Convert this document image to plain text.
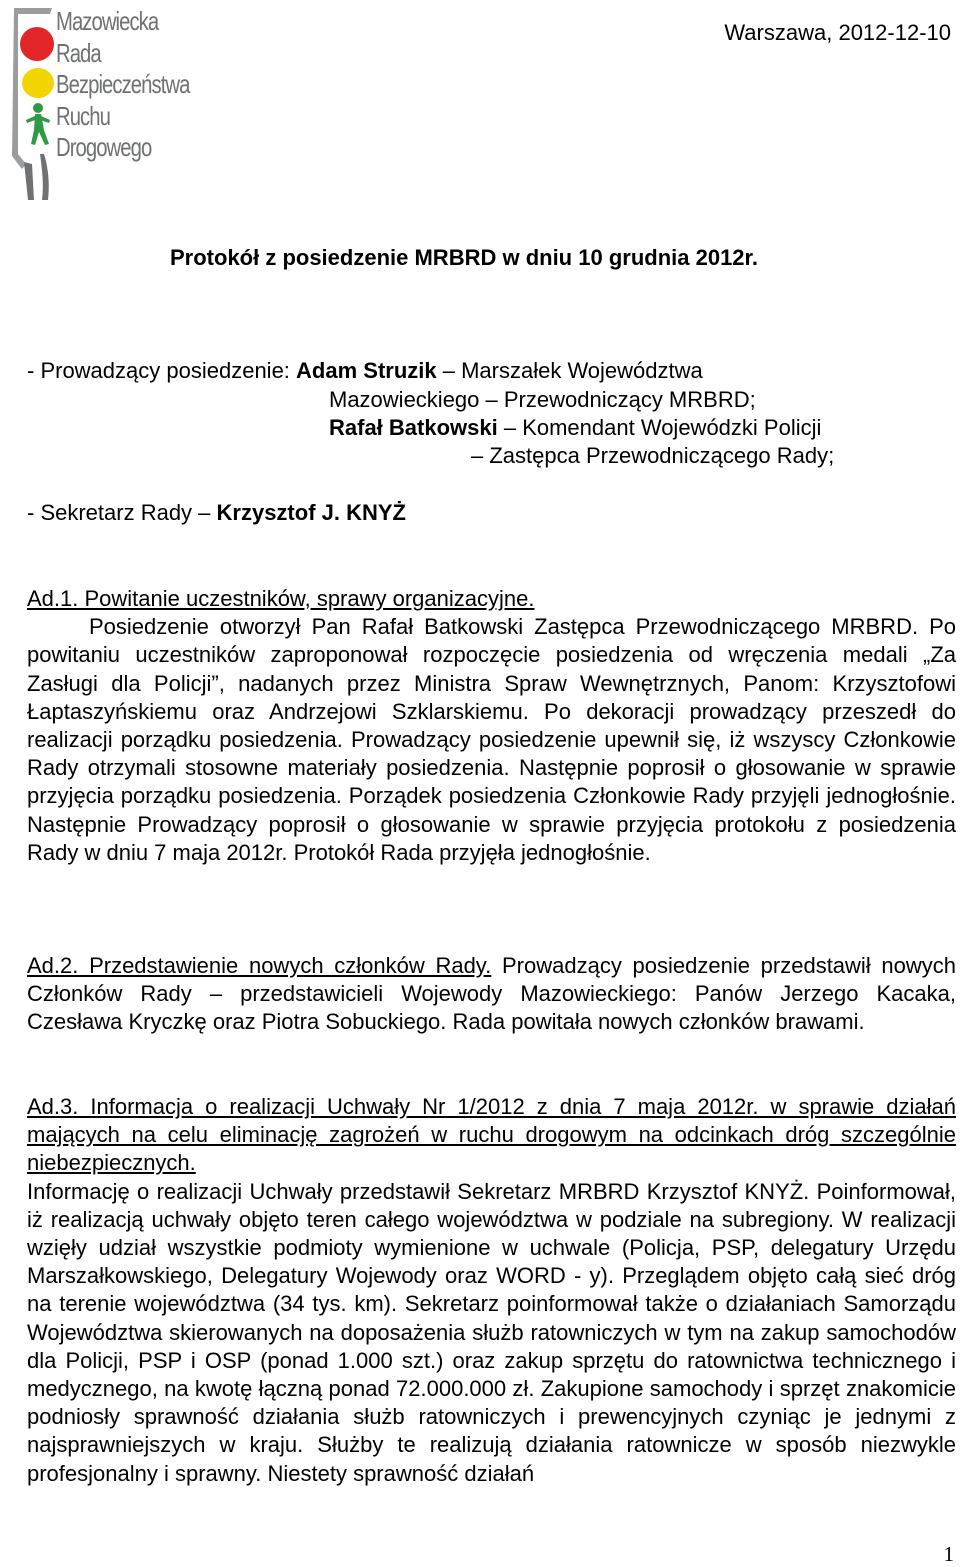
Mazowiecka
Rada
Bezpieczeństwa
Ruchu
Drogowego
Warszawa, 2012-12-10
Protokół z posiedzenie MRBRD w dniu 10 grudnia 2012r.
- Prowadzący posiedzenie: Adam Struzik – Marszałek Województwa
Mazowieckiego – Przewodniczący MRBRD;
Rafał Batkowski – Komendant Wojewódzki Policji
– Zastępca Przewodniczącego Rady;
- Sekretarz Rady – Krzysztof J. KNYŻ

Ad.1. Powitanie uczestników, sprawy organizacyjne.

Posiedzenie otworzył Pan Rafał Batkowski Zastępca Przewodniczącego MRBRD. Po powitaniu uczestników zaproponował rozpoczęcie posiedzenia od wręczenia medali „Za Zasługi dla Policji”, nadanych przez Ministra Spraw Wewnętrznych, Panom: Krzysztofowi Łaptaszyńskiemu oraz Andrzejowi Szklarskiemu. Po dekoracji prowadzący przeszedł do realizacji porządku posiedzenia. Prowadzący posiedzenie upewnił się, iż wszyscy Członkowie Rady otrzymali stosowne materiały posiedzenia. Następnie poprosił o głosowanie w sprawie przyjęcia porządku posiedzenia. Porządek posiedzenia Członkowie Rady przyjęli jednogłośnie. Następnie Prowadzący poprosił o głosowanie w sprawie przyjęcia protokołu z posiedzenia Rady w dniu 7 maja 2012r. Protokół Rada przyjęła jednogłośnie.

Ad.2. Przedstawienie nowych członków Rady. Prowadzący posiedzenie przedstawił nowych Członków Rady – przedstawicieli Wojewody Mazowieckiego: Panów Jerzego Kacaka, Czesława Kryczkę oraz Piotra Sobuckiego. Rada powitała nowych członków brawami.

Ad.3. Informacja o realizacji Uchwały Nr 1/2012 z dnia 7 maja 2012r. w sprawie działań mających na celu eliminację zagrożeń w ruchu drogowym na odcinkach dróg szczególnie niebezpiecznych.

Informację o realizacji Uchwały przedstawił Sekretarz MRBRD Krzysztof KNYŻ. Poinformował, iż realizacją uchwały objęto teren całego województwa w podziale na subregiony. W realizacji wzięły udział wszystkie podmioty wymienione w uchwale (Policja, PSP, delegatury Urzędu Marszałkowskiego, Delegatury Wojewody oraz WORD - y). Przeglądem objęto całą sieć dróg na terenie województwa (34 tys. km). Sekretarz poinformował także o działaniach Samorządu Województwa skierowanych na doposażenia służb ratowniczych w tym na zakup samochodów dla Policji, PSP i OSP (ponad 1.000 szt.) oraz zakup sprzętu do ratownictwa technicznego i medycznego, na kwotę łączną ponad 72.000.000 zł. Zakupione samochody i sprzęt znakomicie podniosły sprawność działania służb ratowniczych i prewencyjnych czyniąc je jednymi z najsprawniejszych w kraju. Służby te realizują działania ratownicze w sposób niezwykle profesjonalny i sprawny. Niestety sprawność działań

1
